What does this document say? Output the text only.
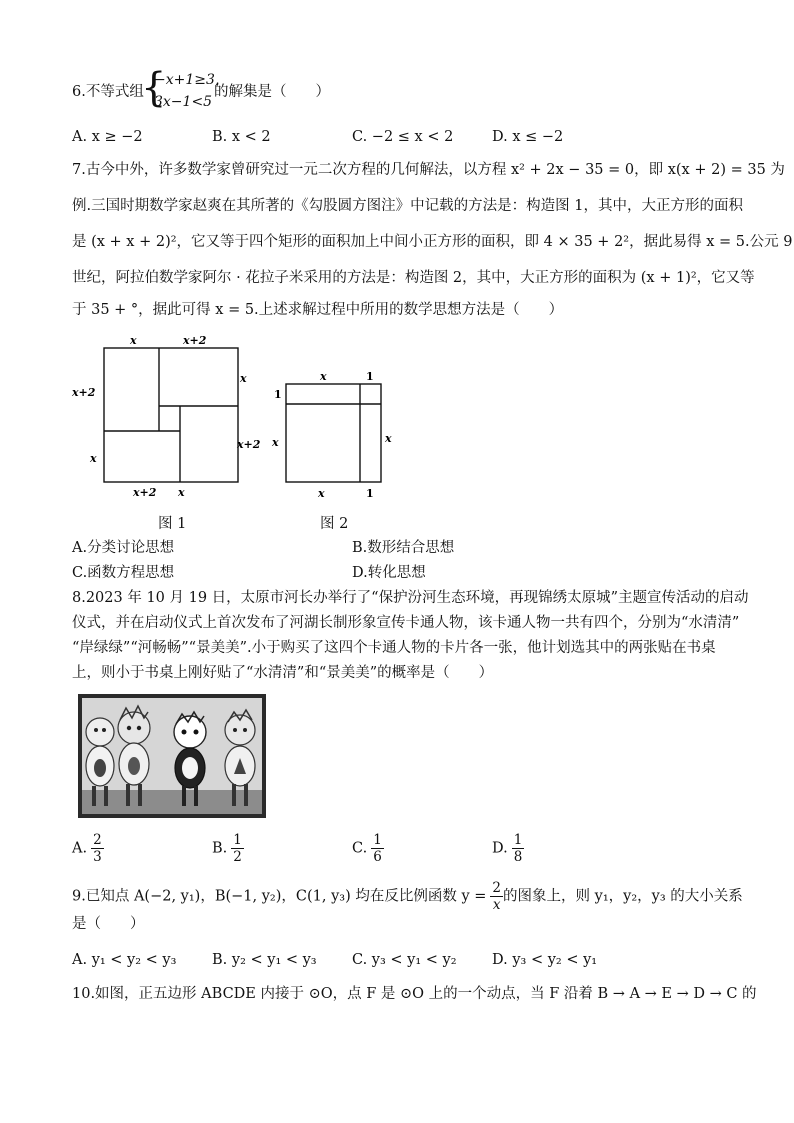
6.不等式组
{
−x+1≥3,
3x−1<5
的解集是（　　）
A. x ≥ −2	B. x < 2	C. −2 ≤ x < 2	D. x ≤ −2
7.古今中外，许多数学家曾研究过一元二次方程的几何解法，以方程 x² + 2x − 35 = 0，即 x(x + 2) = 35 为
例.三国时期数学家赵爽在其所著的《勾股圆方图注》中记载的方法是：构造图 1，其中，大正方形的面积
是 (x + x + 2)²，它又等于四个矩形的面积加上中间小正方形的面积，即 4 × 35 + 2²，据此易得 x = 5.公元 9
世纪，阿拉伯数学家阿尔 · 花拉子米采用的方法是：构造图 2，其中，大正方形的面积为 (x + 1)²，它又等
于 35 + °，据此可得 x = 5.上述求解过程中所用的数学思想方法是（　　）
x	x+2
x
x+2
x
x+2
x
x+2
x	1
1
x	x
x	1
图 1	图 2
A.分类讨论思想	B.数形结合思想
C.函数方程思想	D.转化思想
8.2023 年 10 月 19 日，太原市河长办举行了“保护汾河生态环境，再现锦绣太原城”主题宣传活动的启动
仪式，并在启动仪式上首次发布了河湖长制形象宣传卡通人物，该卡通人物一共有四个，分别为“水清清”
“岸绿绿”“河畅畅”“景美美”.小于购买了这四个卡通人物的卡片各一张，他计划选其中的两张贴在书桌
上，则小于书桌上刚好贴了“水清清”和“景美美”的概率是（　　）
A. $\frac{2}{3}$	B. $\frac{1}{2}$	C. $\frac{1}{6}$	D. $\frac{1}{8}$
9.已知点 A(−2, y₁)，B(−1, y₂)，C(1, y₃) 均在反比例函数 $y = \frac{2}{x}$ 的图象上，则 y₁，y₂，y₃ 的大小关系
是（　　）
A. y₁ < y₂ < y₃ B. y₂ < y₁ < y₃ C. y₃ < y₁ < y₂ D. y₃ < y₂ < y₁
10.如图，正五边形 ABCDE 内接于 ⊙O，点 F 是 ⊙O 上的一个动点，当 F 沿着 B → A → E → D → C 的
